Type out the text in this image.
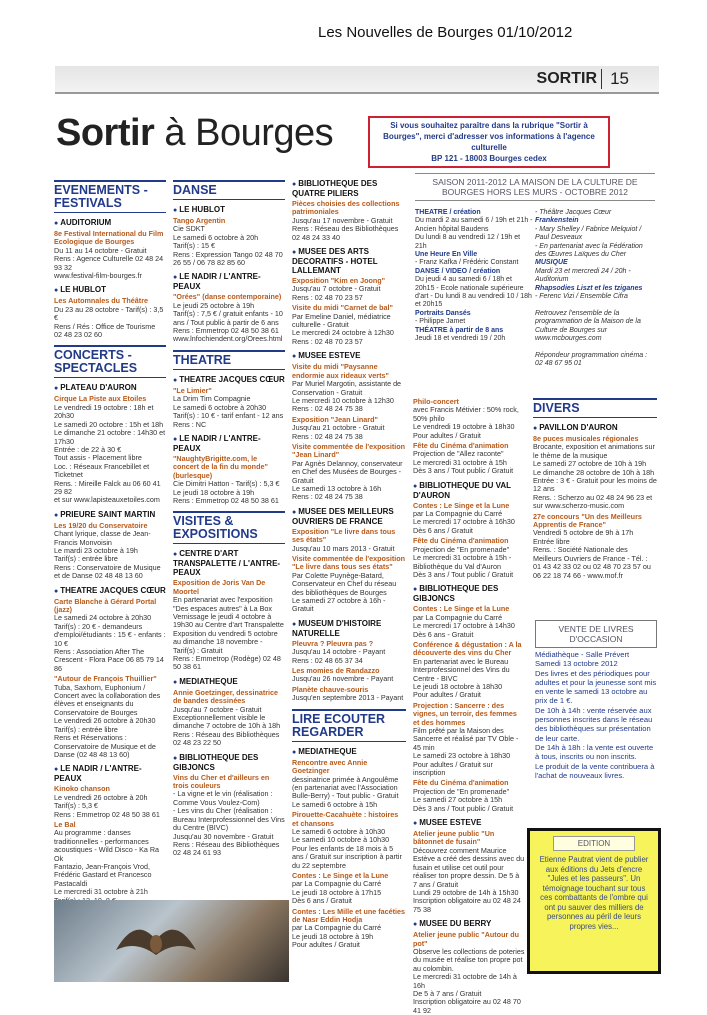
Les Nouvelles de Bourges 01/10/2012
SORTIR 15
Sortir à Bourges	Si vous souhaitez paraître dans la rubrique "Sortir à Bourges", merci d'adresser vos informations à l'agence culturelle
BP 121 - 18003 Bourges cedex
EVENEMENTS - FESTIVALS
● AUDITORIUM
8e Festival International du Film Ecologique de Bourges
Du 11 au 14 octobre - Gratuit
Rens : Agence Culturelle 02 48 24 93 32
www.festival-film-bourges.fr
● LE HUBLOT
Les Automnales du Théâtre
Du 23 au 28 octobre - Tarif(s) : 3,5 €
Rens / Rés : Office de Tourisme
02 48 23 02 60
CONCERTS - SPECTACLES
● PLATEAU D'AURON
Cirque La Piste aux Etoiles
Le vendredi 19 octobre : 18h et 20h30
Le samedi 20 octobre : 15h et 18h
Le dimanche 21 octobre : 14h30 et 17h30
Entrée : de 22 à 30 €
Tout assis - Placement libre
Loc. : Réseaux Francebillet et Ticketnet
Rens. : Mireille Falck au 06 60 41 29 82
et sur www.lapisteauxetoiles.com
● PRIEURE SAINT MARTIN
Les 19/20 du Conservatoire
Chant lyrique, classe de Jean-Francis Monvoisin
Le mardi 23 octobre à 19h
Tarif(s) : entrée libre
Rens : Conservatoire de Musique et de Danse 02 48 48 13 60
● THEATRE JACQUES CŒUR
Carte Blanche à Gérard Portal (jazz)
Le samedi 24 octobre à 20h30
Tarif(s) : 20 € - demandeurs d'emploi/étudiants : 15 € - enfants : 10 €
Rens : Association After The Crescent - Flora Pace 06 85 79 14 86
"Autour de François Thuillier"
Tuba, Saxhorn, Euphonium / Concert avec la collaboration des élèves et enseignants du Conservatoire de Bourges
Le vendredi 26 octobre à 20h30
Tarif(s) : entrée libre
Rens et Réservations : Conservatoire de Musique et de Danse (02 48 48 13 60)
● LE NADIR / L'ANTRE-PEAUX
Kinoko chanson
Le vendredi 26 octobre à 20h
Tarif(s) : 5,3 €
Rens : Emmetrop 02 48 50 38 61
Le Bal
Au programme : danses traditionnelles - performances acoustiques - Wild Disco - Ka Ra Ok
Fantazio, Jean-François Vrod, Frédéric Gastard et Francesco Pastacaldi
Le mercredi 31 octobre à 21h

DANSE
● LE HUBLOT
Tango Argentin
Cie SDKT
Le samedi 6 octobre à 20h
Tarif(s) : 15 €
Rens : Expression Tango 02 48 70 26 55 / 06 78 82 85 60
● LE NADIR / L'ANTRE-PEAUX
"Orées" (danse contemporaine)
Le jeudi 25 octobre à 19h
Tarif(s) : 7,5 € / gratuit enfants - 10 ans / Tout public à partir de 6 ans
Rens : Emmetrop 02 48 50 38 61
www.lnfochiendent.org/Orees.html
THEATRE
● THEATRE JACQUES CŒUR
"Le Limier"
La Drim Tim Compagnie
Le samedi 6 octobre à 20h30
Tarif(s) : 10 € - tarif enfant - 12 ans
Rens : NC
● LE NADIR / L'ANTRE-PEAUX
"NaughtyBrigitte.com, le concert de la fin du monde" (burlesque)
Cie Dimitri Hatton - Tarif(s) : 5,3 €
Le jeudi 18 octobre à 19h
Rens : Emmetrop 02 48 50 38 61
VISITES & EXPOSITIONS
● CENTRE D'ART TRANSPALETTE / L'ANTRE-PEAUX
Exposition de Joris Van De Moortel
En partenariat avec l'exposition "Des espaces autres" à La Box
Vernissage le jeudi 4 octobre à 19h30 au Centre d'art Transpalette
Exposition du vendredi 5 octobre au dimanche 18 novembre - Tarif(s) : Gratuit
Rens : Emmetrop (Rodège) 02 48 50 38 61
● MEDIATHEQUE
Annie Goetzinger, dessinatrice de bandes dessinées
Jusqu'au 7 octobre - Gratuit
Exceptionnellement visible le dimanche 7 octobre de 10h à 18h
Rens : Réseau des Bibliothèques
02 48 23 22 50
● BIBLIOTHEQUE DES GIBJONCS
Vins du Cher et d'ailleurs en trois couleurs
- La vigne et le vin (réalisation : Comme Vous Voulez-Com)
- Les vins du Cher (réalisation : Bureau Interprofessionnel des Vins du Centre (BIVC)
Jusqu'au 30 novembre - Gratuit
Rens : Réseau des Bibliothèques
02 48 24 61 93
● BIBLIOTHEQUE DES QUATRE PILIERS
Pièces choisies des collections patrimoniales
Jusqu'au 17 novembre - Gratuit
Rens : Réseau des Bibliothèques
02 48 24 33 40
● MUSEE DES ARTS DECORATIFS - HOTEL LALLEMANT
Exposition "Kim en Joong"
Jusqu'au 7 octobre - Gratuit
Rens : 02 48 70 23 57
Visite du midi "Carnet de bal"
Par Emeline Daniel, médiatrice culturelle - Gratuit
Le mercredi 24 octobre à 12h30
Rens : 02 48 70 23 57
● MUSEE ESTEVE
Visite du midi "Paysanne endormie aux rideaux verts"
Par Muriel Margotin, assistante de Conservation - Gratuit
Le mercredi 10 octobre à 12h30
Rens : 02 48 24 75 38
Exposition "Jean Linard"
Jusqu'au 21 octobre - Gratuit
Rens : 02 48 24 75 38
Visite commentée de l'exposition "Jean Linard"
Par Agnès Delannoy, conservateur en Chef des Musées de Bourges - Gratuit
Le samedi 13 octobre à 16h
Rens : 02 48 24 75 38
● MUSEE DES MEILLEURS OUVRIERS DE FRANCE
Exposition "Le livre dans tous ses états"
Jusqu'au 10 mars 2013 - Gratuit
Visite commentée de l'exposition "Le livre dans tous ses états"
Par Colette Puynège-Batard, Conservateur en Chef du réseau des bibliothèques de Bourges
Le samedi 27 octobre à 16h - Gratuit
● MUSEUM D'HISTOIRE NATURELLE
Pleuvra ? Pleuvra pas ?
Jusqu'au 14 octobre - Payant
Rens : 02 48 65 37 34
Les momies de Randazzo
Jusqu'au 26 novembre - Payant
Planète chauve-souris
Jusqu'en septembre 2013 - Payant
LIRE ECOUTER REGARDER
● MEDIATHEQUE
Rencontre avec Annie Goetzinger
dessinatrice primée à Angoulême (en partenariat avec l'Association Bulle-Berry) - Tout public - Gratuit
Le samedi 6 octobre à 15h
Pirouette-Cacahuète : histoires et chansons
Le samedi 6 octobre à 10h30
Le samedi 10 octobre à 10h30
Pour les enfants de 18 mois à 5 ans / Gratuit sur inscription à partir du 22 septembre
Contes : Le Singe et la Lune
par La Compagnie du Carré
Le jeudi 18 octobre à 17h15
Dès 6 ans / Gratuit
Contes : Les Mille et une facéties de Nasr Eddin Hodja
par La Compagnie du Carré
Le jeudi 18 octobre à 19h
Pour adultes / Gratuit
Philo-concert
avec Francis Métivier : 50% rock, 50% philo
Le vendredi 19 octobre à 18h30
Pour adultes / Gratuit
Fête du Cinéma d'animation
Projection de "Allez raconte"
Le mercredi 31 octobre à 15h
Dès 3 ans / Tout public / Gratuit
● BIBLIOTHEQUE DU VAL D'AURON
Contes : Le Singe et la Lune
par La Compagnie du Carré
Le mercredi 17 octobre à 16h30
Dès 6 ans / Gratuit
Fête du Cinéma d'animation
Projection de "En promenade"
Le mercredi 31 octobre à 15h - Bibliothèque du Val d'Auron
Dès 3 ans / Tout public / Gratuit
● BIBLIOTHEQUE DES GIBJONCS
Contes : Le Singe et la Lune
par La Compagnie du Carré
Le mercredi 17 octobre à 14h30
Dès 6 ans - Gratuit
Conférence & dégustation : A la découverte des vins du Cher
En partenariat avec le Bureau Interprofessionnel des Vins du Centre - BIVC
Le jeudi 18 octobre à 18h30
Pour adultes / Gratuit
Projection : Sancerre : des vignes, un terroir, des femmes et des hommes
Film prêté par la Maison des Sancerre et réalisé par TV Oble - 45 min
Le samedi 23 octobre à 18h30
Pour adultes / Gratuit sur inscription
Fête du Cinéma d'animation
Projection de "En promenade"
Le samedi 27 octobre à 15h
Dès 3 ans / Tout public / Gratuit
● MUSEE ESTEVE
Atelier jeune public "Un bâtonnet de fusain"
Découvrez comment Maurice Estève a créé des dessins avec du fusain et utilise cet outil pour réaliser ton propre dessin. De 5 à 7 ans / Gratuit
Lundi 29 octobre de 14h à 15h30
Inscription obligatoire au 02 48 24 75 38
● MUSEE DU BERRY
Atelier jeune public "Autour du pot"
Observe les collections de poteries du musée et réalise ton propre pot au colombin.
Le mercredi 31 octobre de 14h à 16h
De 5 à 7 ans / Gratuit
Inscription obligatoire au 02 48 70 41 92
SAISON 2011-2012 LA MAISON DE LA CULTURE DE BOURGES HORS LES MURS - OCTOBRE 2012
THEATRE / création
Du mardi 2 au samedi 6 / 19h et 21h - Ancien hôpital Baudens
Du lundi 8 au vendredi 12 / 19h et 21h
Une Heure En Ville
- Franz Kafka / Frédéric Constant
DANSE / VIDEO / création
Du jeudi 4 au samedi 6 / 18h et 20h15 - Ecole nationale supérieure d'art - Du lundi 8 au vendredi 10 / 18h et 20h15
Portraits Dansés
- Philippe Jamet
THÉATRE à partir de 8 ans
Jeudi 18 et vendredi 19 / 20h
- Théâtre Jacques Cœur
Frankenstein
- Mary Shelley / Fabrice Melquiot / Paul Desveaux
- En partenariat avec la Fédération des Œuvres Laïques du Cher
MUSIQUE
Mardi 23 et mercredi 24 / 20h - Auditorium
Rhapsodies Liszt et les tziganes
- Ferenc Vizi / Ensemble Cifra

Retrouvez l'ensemble de la programmation de la Maison de la Culture de Bourges sur www.mcbourges.com

Répondeur programmation cinéma : 02 48 67 95 01
DIVERS
● PAVILLON D'AURON
8e puces musicales régionales
Brocante, exposition et animations sur le thème de la musique
Le samedi 27 octobre de 10h à 19h
Le dimanche 28 octobre de 10h à 18h
Entrée : 3 € - Gratuit pour les moins de 12 ans
Rens. : Scherzo au 02 48 24 96 23 et sur www.scherzo-music.com
27e concours "Un des Meilleurs Apprentis de France"
Vendredi 5 octobre de 9h à 17h
Entrée libre
Rens. : Société Nationale des Meilleurs Ouvriers de France - Tél. : 01 43 42 33 02 ou 02 48 70 23 57 ou 06 22 18 74 66 - www.mof.fr
VENTE DE LIVRES D'OCCASION
Médiathèque - Salle Prévert
Samedi 13 octobre 2012
Des livres et des périodiques pour adultes et pour la jeunesse sont mis en vente le samedi 13 octobre au prix de 1 €.
De 10h à 14h : vente réservée aux personnes inscrites dans le réseau des bibliothèques sur présentation de leur carte.
De 14h à 18h : la vente est ouverte à tous, inscrits ou non inscrits.
Le produit de la vente contribuera à l'achat de nouveaux livres.
EDITION
Etienne Pautrat vient de publier aux éditions du Jets d'encre "Jules et les passeurs". Un témoignage touchant sur tous ces combattants de l'ombre qui ont pu sauver des milliers de personnes au péril de leurs propres vies...
